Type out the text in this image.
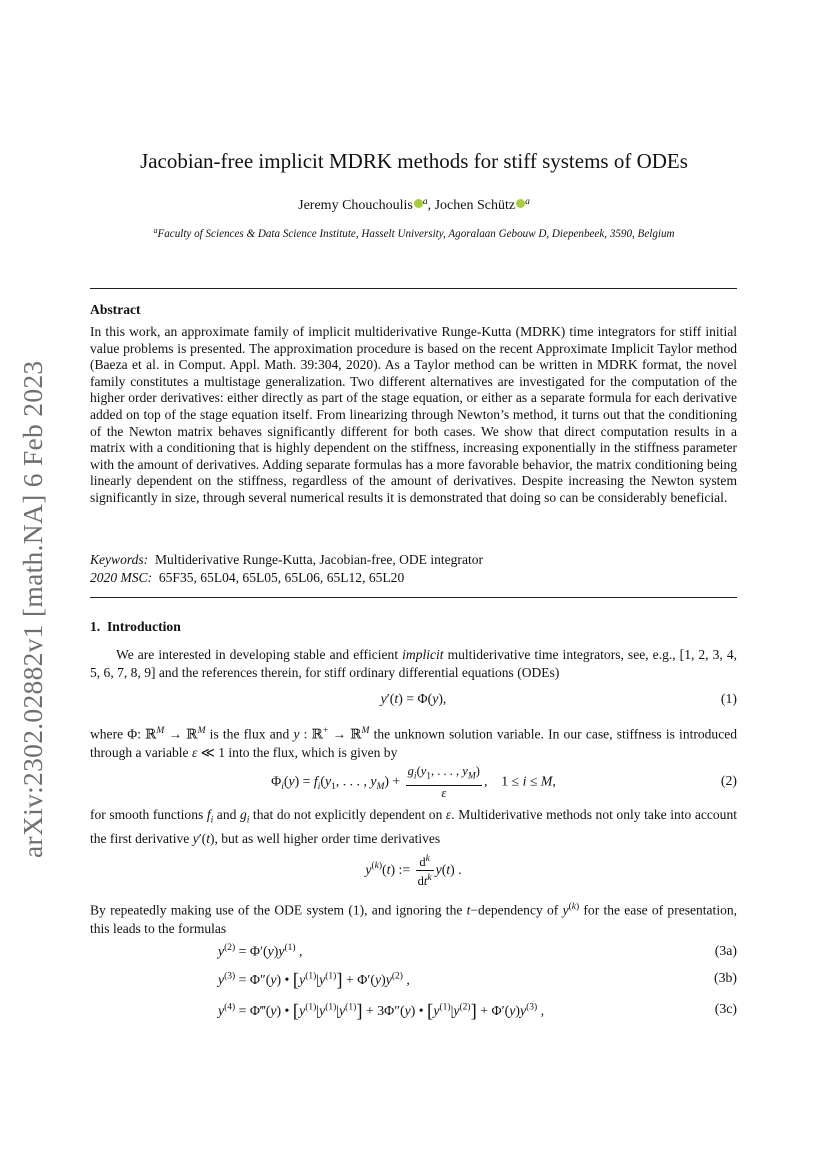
arXiv:2302.02882v1 [math.NA] 6 Feb 2023
Jacobian-free implicit MDRK methods for stiff systems of ODEs
Jeremy Chouchoulis $^a$, Jochen Schütz $^a$
$^a$Faculty of Sciences & Data Science Institute, Hasselt University, Agoralaan Gebouw D, Diepenbeek, 3590, Belgium
Abstract

In this work, an approximate family of implicit multiderivative Runge-Kutta (MDRK) time integrators for stiff initial value problems is presented. The approximation procedure is based on the recent Approximate Implicit Taylor method (Baeza et al. in Comput. Appl. Math. 39:304, 2020). As a Taylor method can be written in MDRK format, the novel family constitutes a multistage generalization. Two different alternatives are investigated for the computation of the higher order derivatives: either directly as part of the stage equation, or either as a separate formula for each derivative added on top of the stage equation itself. From linearizing through Newton’s method, it turns out that the conditioning of the Newton matrix behaves significantly different for both cases. We show that direct computation results in a matrix with a conditioning that is highly dependent on the stiffness, increasing exponentially in the stiffness parameter with the amount of derivatives. Adding separate formulas has a more favorable behavior, the matrix conditioning being linearly dependent on the stiffness, regardless of the amount of derivatives. Despite increasing the Newton system significantly in size, through several numerical results it is demonstrated that doing so can be considerably beneficial.

Keywords: Multiderivative Runge-Kutta, Jacobian-free, ODE integrator
2020 MSC: 65F35, 65L04, 65L05, 65L06, 65L12, 65L20
1. Introduction

We are interested in developing stable and efficient implicit multiderivative time integrators, see, e.g., [1, 2, 3, 4, 5, 6, 7, 8, 9] and the references therein, for stiff ordinary differential equations (ODEs)

y′(t) = Φ(y),	(1)

where Φ: ℝ$^M$ → ℝ$^M$ is the flux and y : ℝ+ → ℝ$^M$ the unknown solution variable. In our case, stiffness is introduced through a variable ε ≪ 1 into the flux, which is given by

$\Phi_i(y) = f_i(y_1$, . . . , $y_M) + \frac{g_i(y_1, . . . , y_M)}{\varepsilon}$ ,    1 ≤ i ≤ M,	(2)

for smooth functions $f_i$ and $g_i$ that do not explicitly dependent on ε. Multiderivative methods not only take into account the first derivative y′(t), but as well higher order time derivatives

$y^{(k)}(t)$ := $\frac{d^k}{dt^k} y(t)$ .

By repeatedly making use of the ODE system (1), and ignoring the t−dependency of $y^{(k)}$ for the ease of presentation, this leads to the formulas

$y^{(2)} = \Phi'(y)y^{(1)}$ ,	(3a)
$y^{(3)} = \Phi''(y)$ • $[y^{(1)}|y^{(1)}] + \Phi'(y)y^{(2)}$ ,	(3b)
$y^{(4)}$ = Φ‴(y) • $[y^{(1)}|y^{(1)}|y^{(1)}] + 3\Phi''(y)$ • $[y^{(1)}|y^{(2)}] + \Phi'(y)y^{(3)}$ ,	(3c)
